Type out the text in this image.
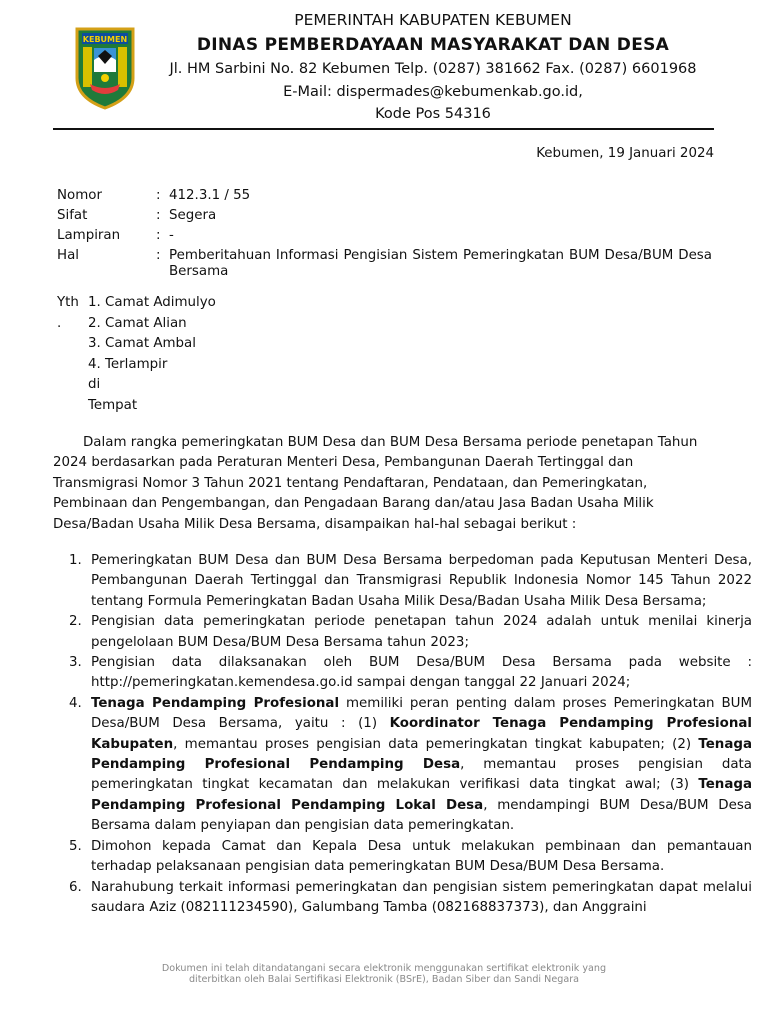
KEBUMEN
PEMERINTAH KABUPATEN KEBUMEN
DINAS PEMBERDAYAAN MASYARAKAT DAN DESA
Jl. HM Sarbini No. 82 Kebumen Telp. (0287) 381662 Fax. (0287) 6601968
E-Mail: dispermades@kebumenkab.go.id,
Kode Pos 54316
Kebumen, 19 Januari 2024
Nomor	: 412.3.1 / 55
Sifat	: Segera
Lampiran	: -
Hal	: Pemberitahuan Informasi Pengisian Sistem Pemeringkatan BUM Desa/BUM Desa Bersama
Yth
.
1. Camat Adimulyo
2. Camat Alian
3. Camat Ambal
4. Terlampir
di
Tempat
Dalam rangka pemeringkatan BUM Desa dan BUM Desa Bersama periode penetapan Tahun 2024 berdasarkan pada Peraturan Menteri Desa, Pembangunan Daerah Tertinggal dan Transmigrasi Nomor 3 Tahun 2021 tentang Pendaftaran, Pendataan, dan Pemeringkatan, Pembinaan dan Pengembangan, dan Pengadaan Barang dan/atau Jasa Badan Usaha Milik Desa/Badan Usaha Milik Desa Bersama, disampaikan hal-hal sebagai berikut :
1. Pemeringkatan BUM Desa dan BUM Desa Bersama berpedoman pada Keputusan Menteri Desa, Pembangunan Daerah Tertinggal dan Transmigrasi Republik Indonesia Nomor 145 Tahun 2022 tentang Formula Pemeringkatan Badan Usaha Milik Desa/Badan Usaha Milik Desa Bersama;
2. Pengisian data pemeringkatan periode penetapan tahun 2024 adalah untuk menilai kinerja pengelolaan BUM Desa/BUM Desa Bersama tahun 2023;
3. Pengisian data dilaksanakan oleh BUM Desa/BUM Desa Bersama pada website : http://pemeringkatan.kemendesa.go.id sampai dengan tanggal 22 Januari 2024;
4. Tenaga Pendamping Profesional memiliki peran penting dalam proses Pemeringkatan BUM Desa/BUM Desa Bersama, yaitu : (1) Koordinator Tenaga Pendamping Profesional Kabupaten, memantau proses pengisian data pemeringkatan tingkat kabupaten; (2) Tenaga Pendamping Profesional Pendamping Desa, memantau proses pengisian data pemeringkatan tingkat kecamatan dan melakukan verifikasi data tingkat awal; (3) Tenaga Pendamping Profesional Pendamping Lokal Desa, mendampingi BUM Desa/BUM Desa Bersama dalam penyiapan dan pengisian data pemeringkatan.
5. Dimohon kepada Camat dan Kepala Desa untuk melakukan pembinaan dan pemantauan terhadap pelaksanaan pengisian data pemeringkatan BUM Desa/BUM Desa Bersama.
6. Narahubung terkait informasi pemeringkatan dan pengisian sistem pemeringkatan dapat melalui saudara Aziz (082111234590), Galumbang Tamba (082168837373), dan Anggraini
Dokumen ini telah ditandatangani secara elektronik menggunakan sertifikat elektronik yang
diterbitkan oleh Balai Sertifikasi Elektronik (BSrE), Badan Siber dan Sandi Negara
